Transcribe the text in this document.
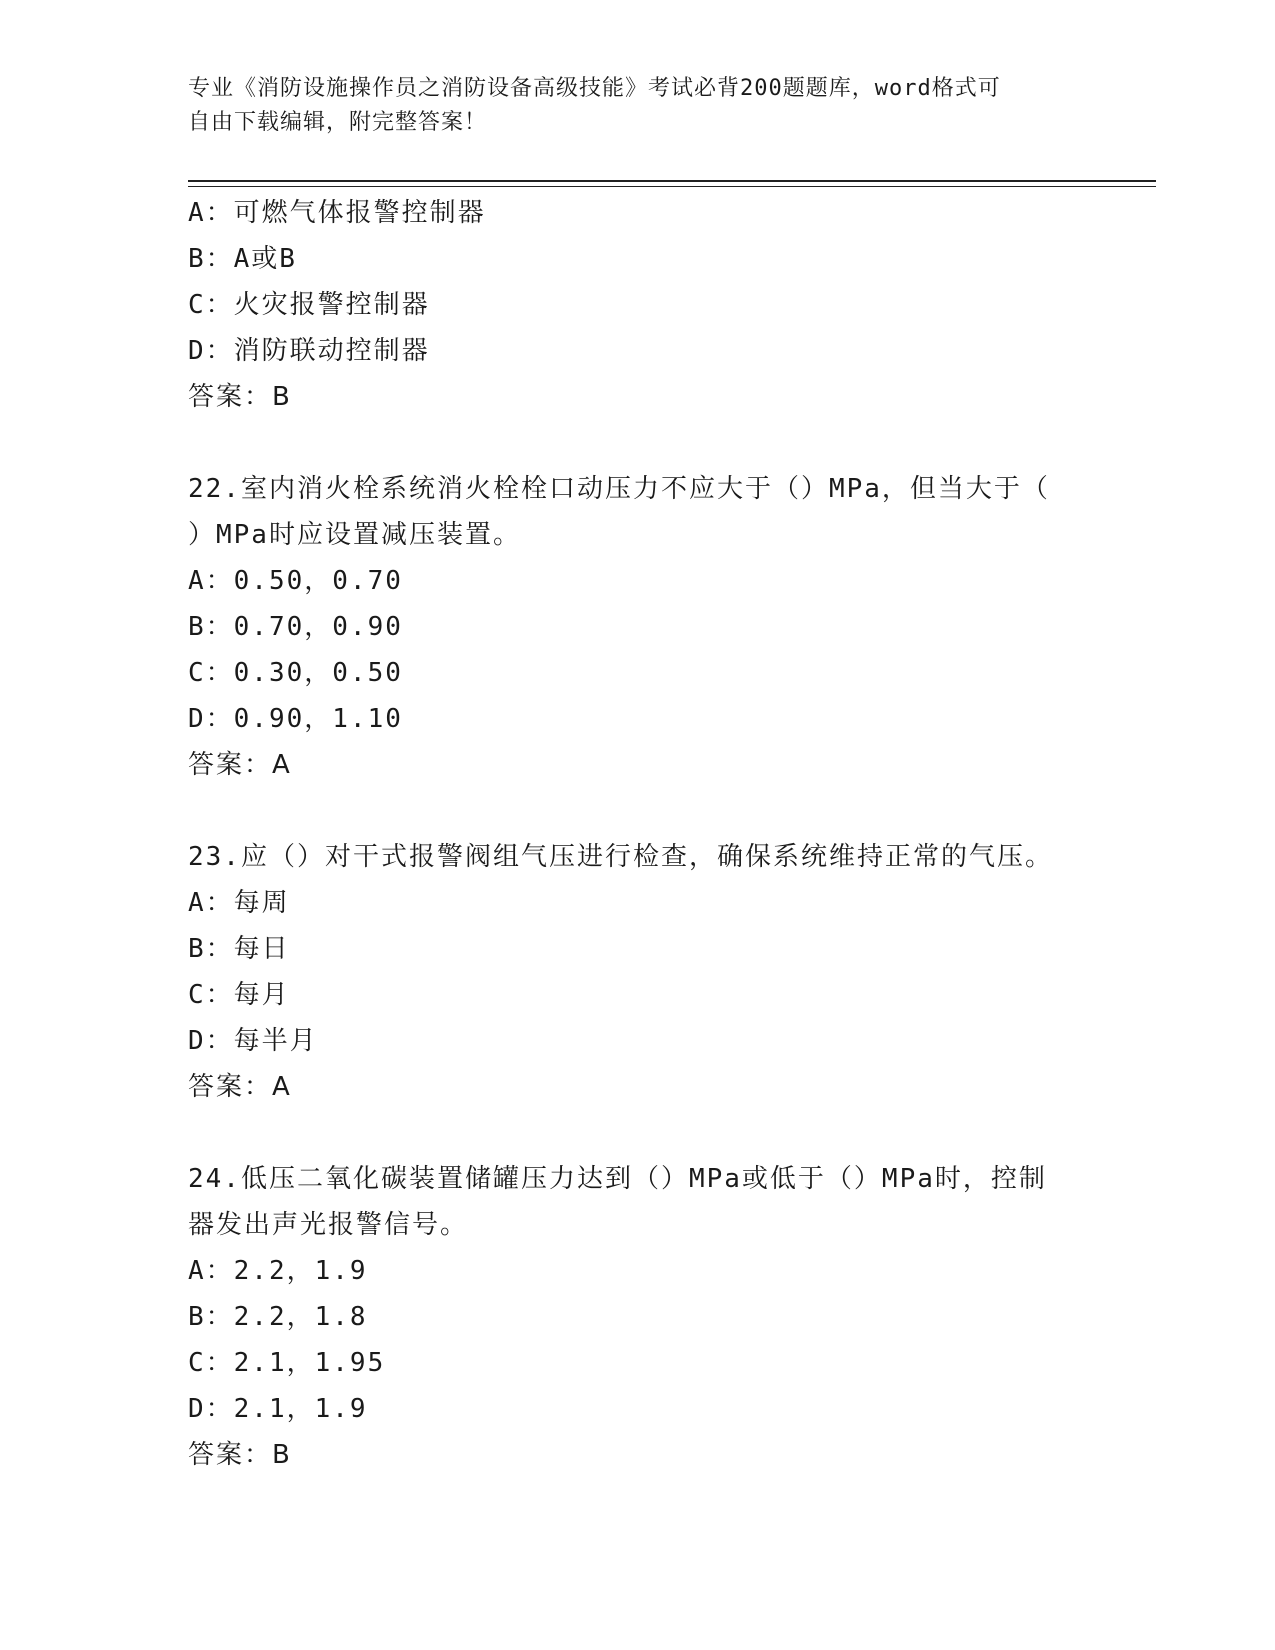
专业《消防设施操作员之消防设备高级技能》考试必背200题题库，word格式可
自由下载编辑，附完整答案！
A：可燃气体报警控制器
B：A或B
C：火灾报警控制器
D：消防联动控制器
答案：B
22.室内消火栓系统消火栓栓口动压力不应大于（）MPa，但当大于（
）MPa时应设置减压装置。
A：0.50，0.70
B：0.70，0.90
C：0.30，0.50
D：0.90，1.10
答案：A
23.应（）对干式报警阀组气压进行检查，确保系统维持正常的气压。
A：每周
B：每日
C：每月
D：每半月
答案：A
24.低压二氧化碳装置储罐压力达到（）MPa或低于（）MPa时，控制
器发出声光报警信号。
A：2.2，1.9
B：2.2，1.8
C：2.1，1.95
D：2.1，1.9
答案：B
